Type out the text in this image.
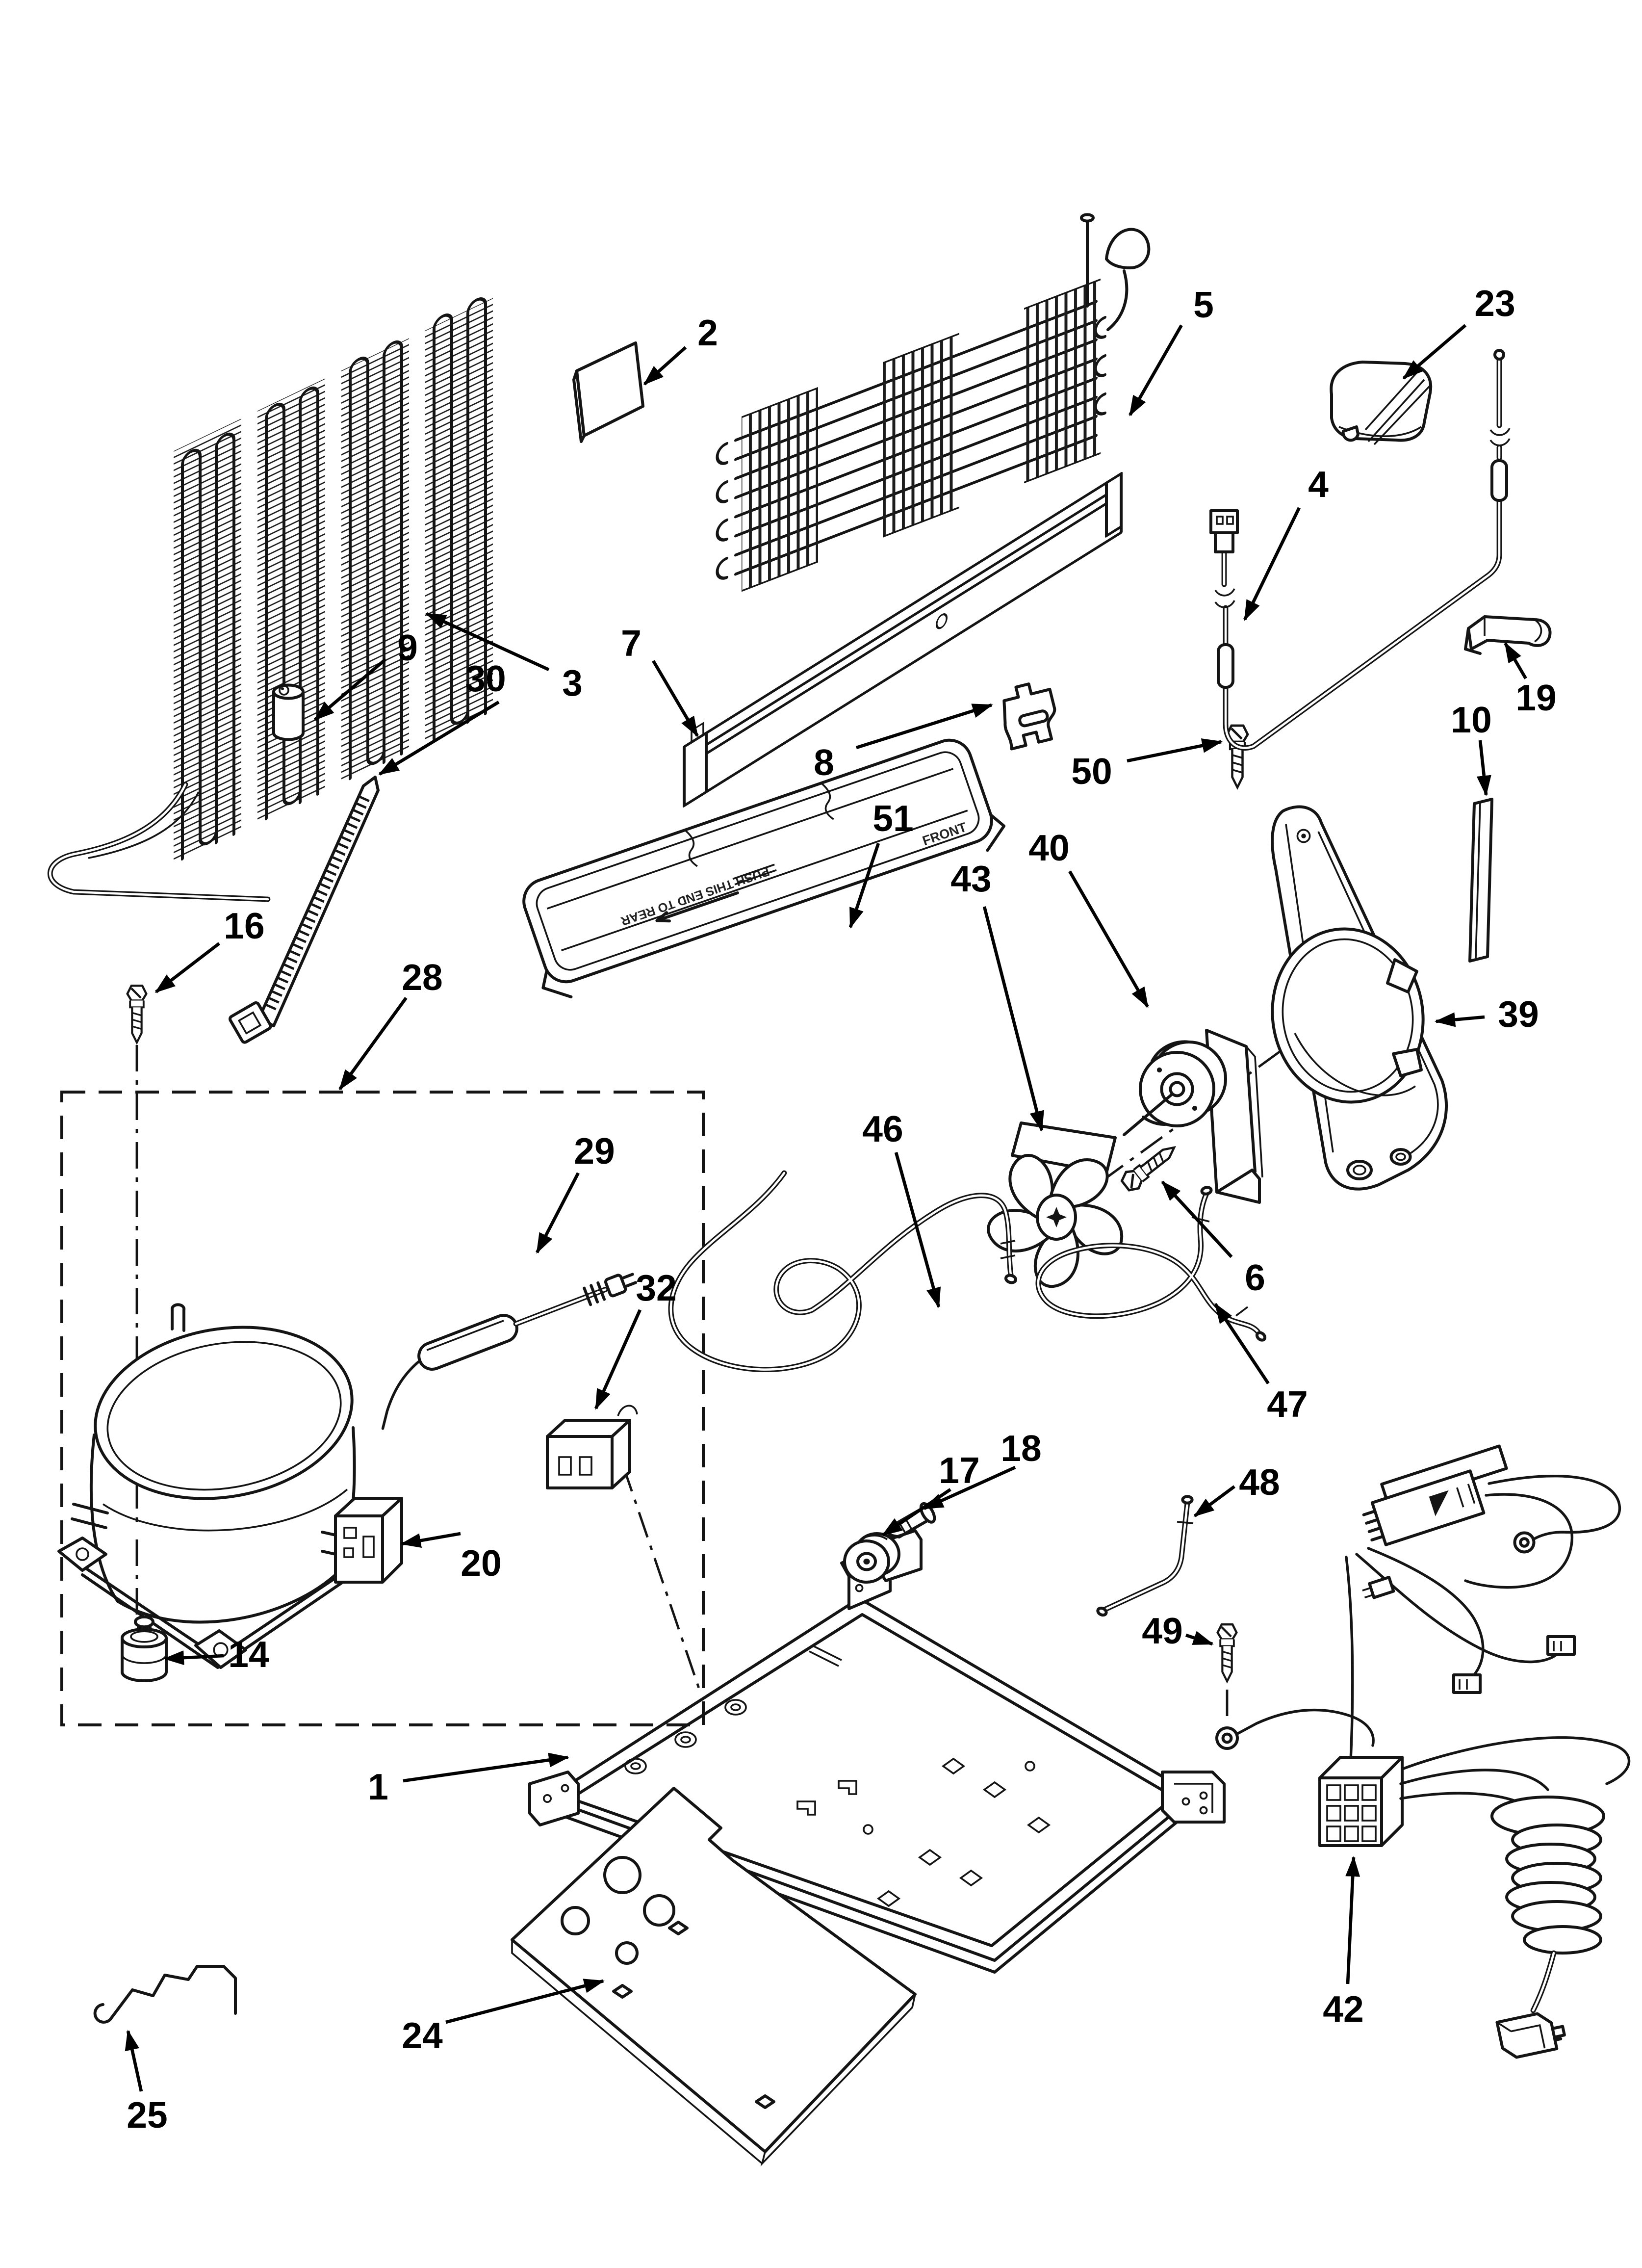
PUSH THIS END TO REAR
FRONT
2
3
9
30
5
7
8	50
4
23
19
10
39
40
43
6
51
16
28
29
32
20
14
46
47
17
18
48
49
1
24
25
42
